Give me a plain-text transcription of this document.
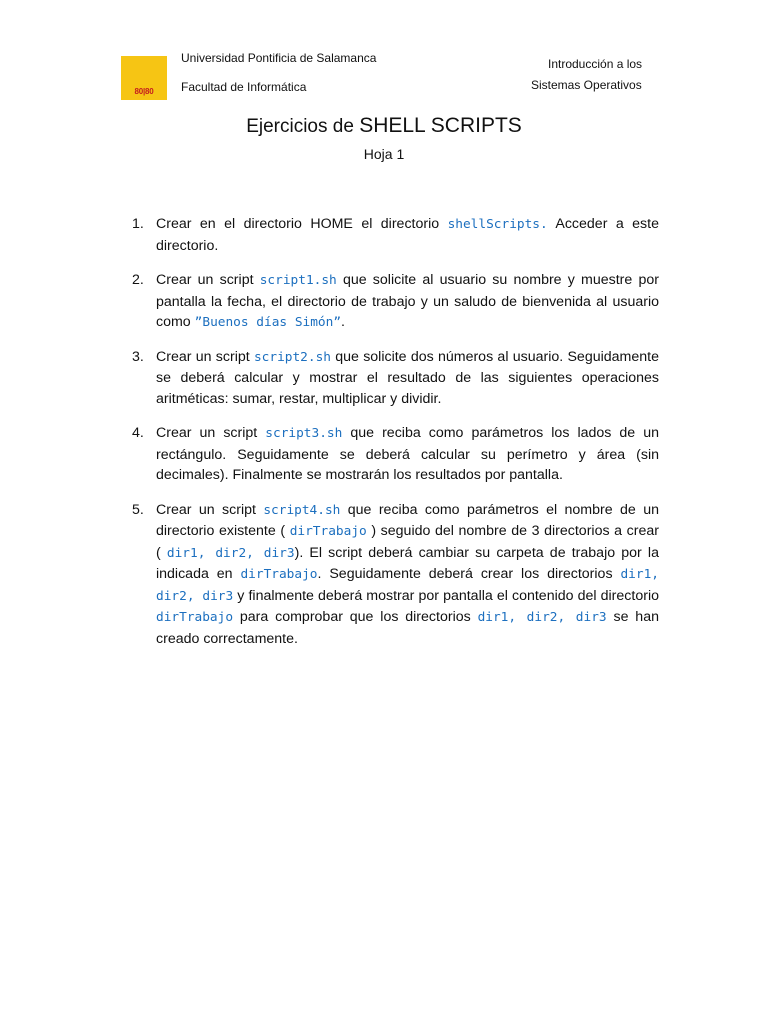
80|80
Universidad Pontificia de Salamanca
Facultad de Informática
Introducción a los
Sistemas Operativos
Ejercicios de SHELL SCRIPTS
Hoja 1
1. Crear en el directorio HOME el directorio shellScripts. Acceder a este directorio.
2. Crear un script script1.sh que solicite al usuario su nombre y muestre por pantalla la fecha, el directorio de trabajo y un saludo de bienvenida al usuario como ”Buenos días Simón”.
3. Crear un script script2.sh que solicite dos números al usuario. Seguidamente se deberá calcular y mostrar el resultado de las siguientes operaciones aritméticas: sumar, restar, multiplicar y dividir.
4. Crear un script script3.sh que reciba como parámetros los lados de un rectángulo. Seguidamente se deberá calcular su perímetro y área (sin decimales). Finalmente se mostrarán los resultados por pantalla.
5. Crear un script script4.sh que reciba como parámetros el nombre de un directorio existente ( dirTrabajo ) seguido del nombre de 3 directorios a crear ( dir1, dir2, dir3). El script deberá cambiar su carpeta de trabajo por la indicada en dirTrabajo. Seguidamente deberá crear los directorios dir1, dir2, dir3 y finalmente deberá mostrar por pantalla el contenido del directorio dirTrabajo para comprobar que los directorios dir1, dir2, dir3 se han creado correctamente.
